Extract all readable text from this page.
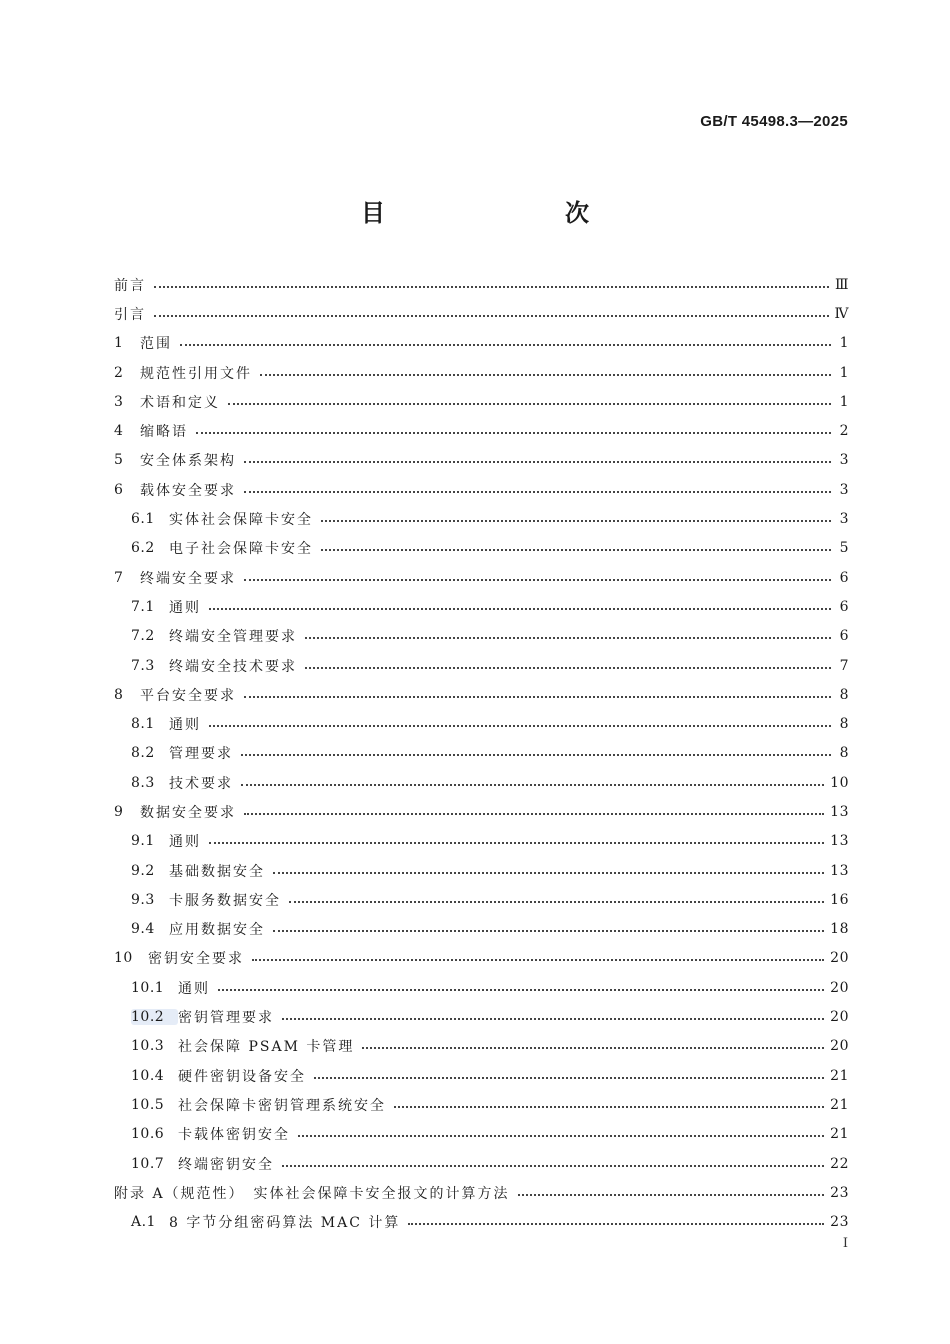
GB/T 45498.3—2025
目　　次
前言	Ⅲ
引言	Ⅳ
1	范围	1
2	规范性引用文件	1
3	术语和定义	1
4	缩略语	2
5	安全体系架构	3
6	载体安全要求	3
6.1	实体社会保障卡安全	3
6.2	电子社会保障卡安全	5
7	终端安全要求	6
7.1	通则	6
7.2	终端安全管理要求	6
7.3	终端安全技术要求	7
8	平台安全要求	8
8.1	通则	8
8.2	管理要求	8
8.3	技术要求	10
9	数据安全要求	13
9.1	通则	13
9.2	基础数据安全	13
9.3	卡服务数据安全	16
9.4	应用数据安全	18
10	密钥安全要求	20
10.1 通则	20
10.2 密钥管理要求	20
10.3 社会保障 PSAM 卡管理	20
10.4 硬件密钥设备安全	21
10.5 社会保障卡密钥管理系统安全	21
10.6 卡载体密钥安全	21
10.7 终端密钥安全	22
附录 A（规范性）　实体社会保障卡安全报文的计算方法	23
A.1 8 字节分组密码算法 MAC 计算	23
I
